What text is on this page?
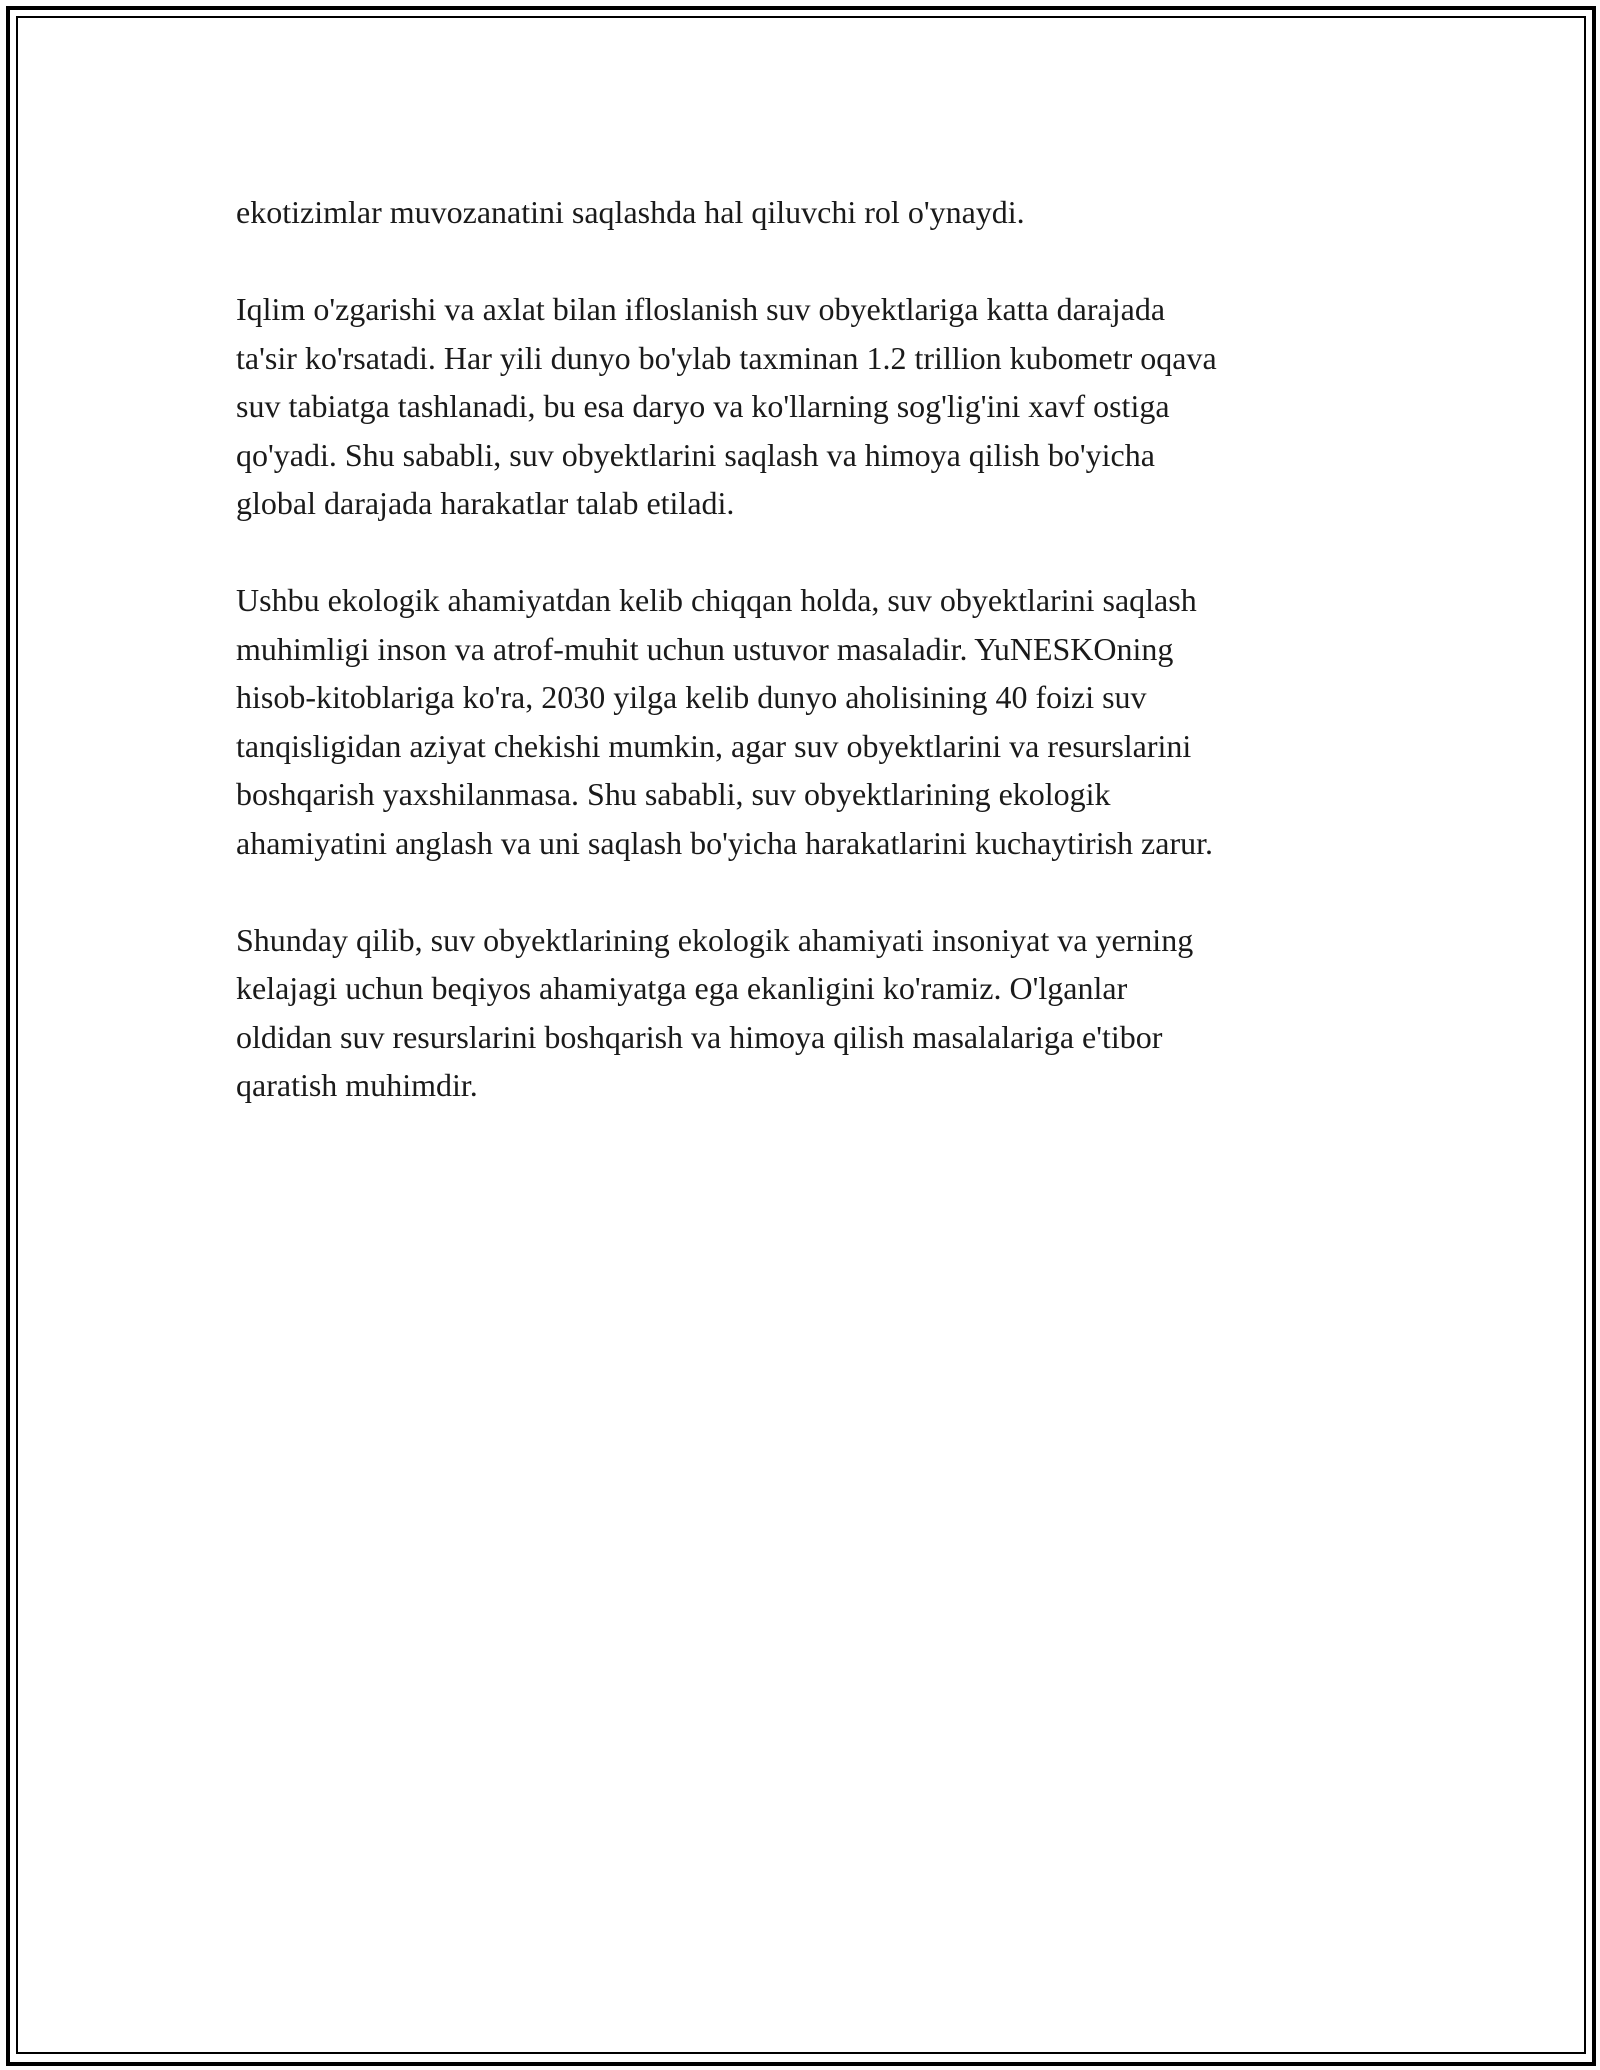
ekotizimlar muvozanatini saqlashda hal qiluvchi rol o'ynaydi.

Iqlim o'zgarishi va axlat bilan ifloslanish suv obyektlariga katta darajada
ta'sir ko'rsatadi. Har yili dunyo bo'ylab taxminan 1.2 trillion kubometr oqava
suv tabiatga tashlanadi, bu esa daryo va ko'llarning sog'lig'ini xavf ostiga
qo'yadi. Shu sababli, suv obyektlarini saqlash va himoya qilish bo'yicha
global darajada harakatlar talab etiladi.

Ushbu ekologik ahamiyatdan kelib chiqqan holda, suv obyektlarini saqlash
muhimligi inson va atrof-muhit uchun ustuvor masaladir. YuNESKOning
hisob-kitoblariga ko'ra, 2030 yilga kelib dunyo aholisining 40 foizi suv
tanqisligidan aziyat chekishi mumkin, agar suv obyektlarini va resurslarini
boshqarish yaxshilanmasa. Shu sababli, suv obyektlarining ekologik
ahamiyatini anglash va uni saqlash bo'yicha harakatlarini kuchaytirish zarur.

Shunday qilib, suv obyektlarining ekologik ahamiyati insoniyat va yerning
kelajagi uchun beqiyos ahamiyatga ega ekanligini ko'ramiz. O'lganlar
oldidan suv resurslarini boshqarish va himoya qilish masalalariga e'tibor
qaratish muhimdir.
